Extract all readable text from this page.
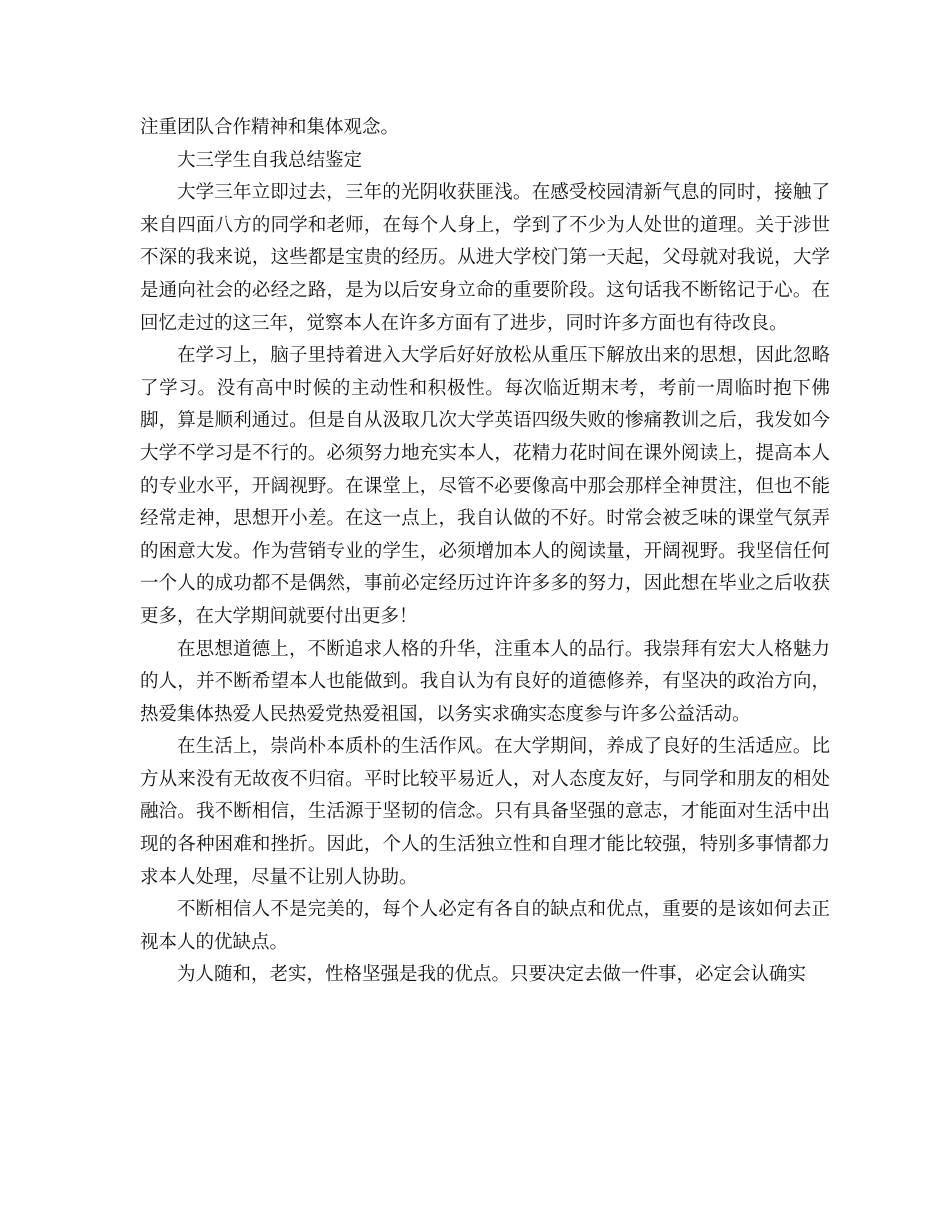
注重团队合作精神和集体观念。

大三学生自我总结鉴定

大学三年立即过去，三年的光阴收获匪浅。在感受校园清新气息的同时，接触了来自四面八方的同学和老师，在每个人身上，学到了不少为人处世的道理。关于涉世不深的我来说，这些都是宝贵的经历。从进大学校门第一天起，父母就对我说，大学是通向社会的必经之路，是为以后安身立命的重要阶段。这句话我不断铭记于心。在回忆走过的这三年，觉察本人在许多方面有了进步，同时许多方面也有待改良。

在学习上，脑子里持着进入大学后好好放松从重压下解放出来的思想，因此忽略了学习。没有高中时候的主动性和积极性。每次临近期末考，考前一周临时抱下佛脚，算是顺利通过。但是自从汲取几次大学英语四级失败的惨痛教训之后，我发如今大学不学习是不行的。必须努力地充实本人，花精力花时间在课外阅读上，提高本人的专业水平，开阔视野。在课堂上，尽管不必要像高中那会那样全神贯注，但也不能经常走神，思想开小差。在这一点上，我自认做的不好。时常会被乏味的课堂气氛弄的困意大发。作为营销专业的学生，必须增加本人的阅读量，开阔视野。我坚信任何一个人的成功都不是偶然，事前必定经历过许许多多的努力，因此想在毕业之后收获更多，在大学期间就要付出更多！

在思想道德上，不断追求人格的升华，注重本人的品行。我崇拜有宏大人格魅力的人，并不断希望本人也能做到。我自认为有良好的道德修养，有坚决的政治方向，热爱集体热爱人民热爱党热爱祖国，以务实求确实态度参与许多公益活动。

在生活上，崇尚朴本质朴的生活作风。在大学期间，养成了良好的生活适应。比方从来没有无故夜不归宿。平时比较平易近人，对人态度友好，与同学和朋友的相处融洽。我不断相信，生活源于坚韧的信念。只有具备坚强的意志，才能面对生活中出现的各种困难和挫折。因此，个人的生活独立性和自理才能比较强，特别多事情都力求本人处理，尽量不让别人协助。

不断相信人不是完美的，每个人必定有各自的缺点和优点，重要的是该如何去正视本人的优缺点。

为人随和，老实，性格坚强是我的优点。只要决定去做一件事，必定会认确实
